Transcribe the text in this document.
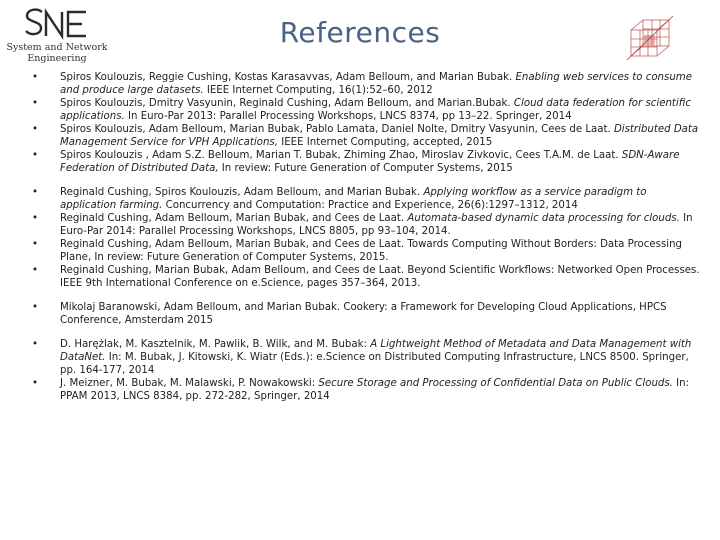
System and Network
Engineering
References
• Spiros Koulouzis, Reggie Cushing, Kostas Karasavvas, Adam Belloum, and Marian Bubak. Enabling web services to consume and produce large datasets. IEEE Internet Computing, 16(1):52–60, 2012
• Spiros Koulouzis, Dmitry Vasyunin, Reginald Cushing, Adam Belloum, and Marian.Bubak. Cloud data federation for scientific applications. In Euro-Par 2013: Parallel Processing Workshops, LNCS 8374, pp 13–22. Springer, 2014
• Spiros Koulouzis, Adam Belloum, Marian Bubak, Pablo Lamata, Daniel Nolte, Dmitry Vasyunin, Cees de Laat. Distributed Data Management Service for VPH Applications, IEEE Internet Computing, accepted, 2015
• Spiros Koulouzis , Adam S.Z. Belloum, Marian T. Bubak, Zhiming Zhao, Miroslav Zivkovic, Cees T.A.M. de Laat. SDN-Aware Federation of Distributed Data, In review: Future Generation of Computer Systems, 2015
• Reginald Cushing, Spiros Koulouzis, Adam Belloum, and Marian Bubak. Applying workflow as a service paradigm to application farming. Concurrency and Computation: Practice and Experience, 26(6):1297–1312, 2014
• Reginald Cushing, Adam Belloum, Marian Bubak, and Cees de Laat. Automata-based dynamic data processing for clouds. In Euro-Par 2014: Parallel Processing Workshops, LNCS 8805, pp 93–104, 2014.
• Reginald Cushing, Adam Belloum, Marian Bubak, and Cees de Laat. Towards Computing Without Borders: Data Processing Plane, In review: Future Generation of Computer Systems, 2015.
• Reginald Cushing, Marian Bubak, Adam Belloum, and Cees de Laat. Beyond Scientific Workflows: Networked Open Processes. IEEE 9th International Conference on e.Science, pages 357–364, 2013.
• Mikolaj Baranowski, Adam Belloum, and Marian Bubak. Cookery: a Framework for Developing Cloud Applications, HPCS Conference, Amsterdam 2015
• D. Harężlak, M. Kasztelnik, M. Pawlik, B. Wilk, and M. Bubak: A Lightweight Method of Metadata and Data Management with DataNet. In: M. Bubak, J. Kitowski, K. Wiatr (Eds.): e.Science on Distributed Computing Infrastructure, LNCS 8500. Springer, pp. 164-177, 2014
• J. Meizner, M. Bubak, M. Malawski, P. Nowakowski: Secure Storage and Processing of Confidential Data on Public Clouds. In: PPAM 2013, LNCS 8384, pp. 272-282, Springer, 2014
